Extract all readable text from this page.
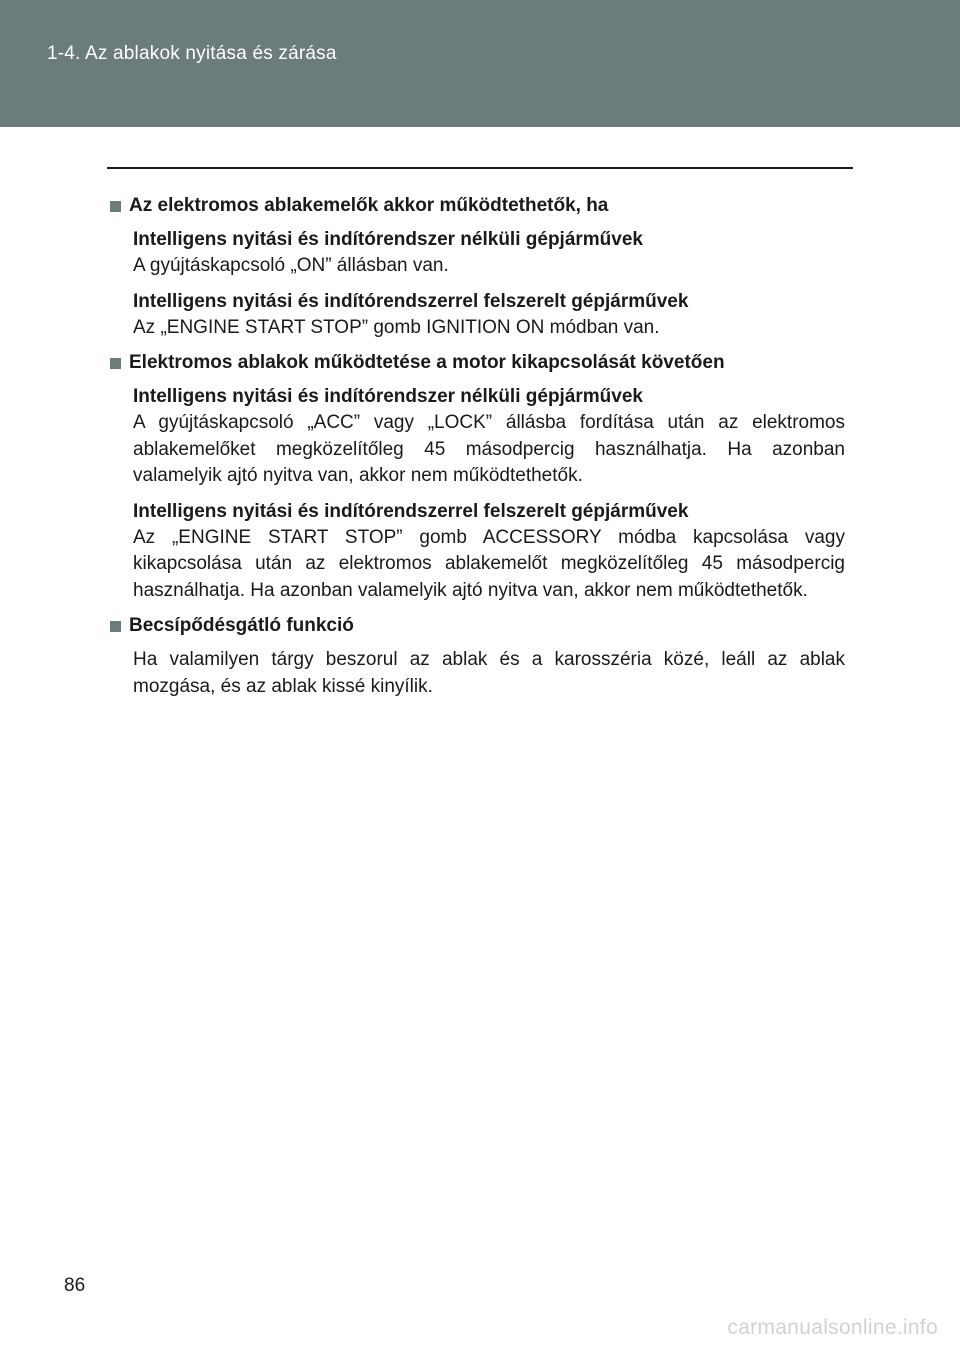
1-4. Az ablakok nyitása és zárása
Az elektromos ablakemelők akkor működtethetők, ha
Intelligens nyitási és indítórendszer nélküli gépjárművek
A gyújtáskapcsoló „ON” állásban van.
Intelligens nyitási és indítórendszerrel felszerelt gépjárművek
Az „ENGINE START STOP” gomb IGNITION ON módban van.
Elektromos ablakok működtetése a motor kikapcsolását követően
Intelligens nyitási és indítórendszer nélküli gépjárművek
A gyújtáskapcsoló „ACC” vagy „LOCK” állásba fordítása után az elektromos ablakemelőket megközelítőleg 45 másodpercig használhatja. Ha azonban valamelyik ajtó nyitva van, akkor nem működtethetők.
Intelligens nyitási és indítórendszerrel felszerelt gépjárművek
Az „ENGINE START STOP” gomb ACCESSORY módba kapcsolása vagy kikapcsolása után az elektromos ablakemelőt megközelítőleg 45 másodpercig használhatja. Ha azonban valamelyik ajtó nyitva van, akkor nem működtethetők.
Becsípődésgátló funkció
Ha valamilyen tárgy beszorul az ablak és a karosszéria közé, leáll az ablak mozgása, és az ablak kissé kinyílik.
86
carmanualsonline.info
